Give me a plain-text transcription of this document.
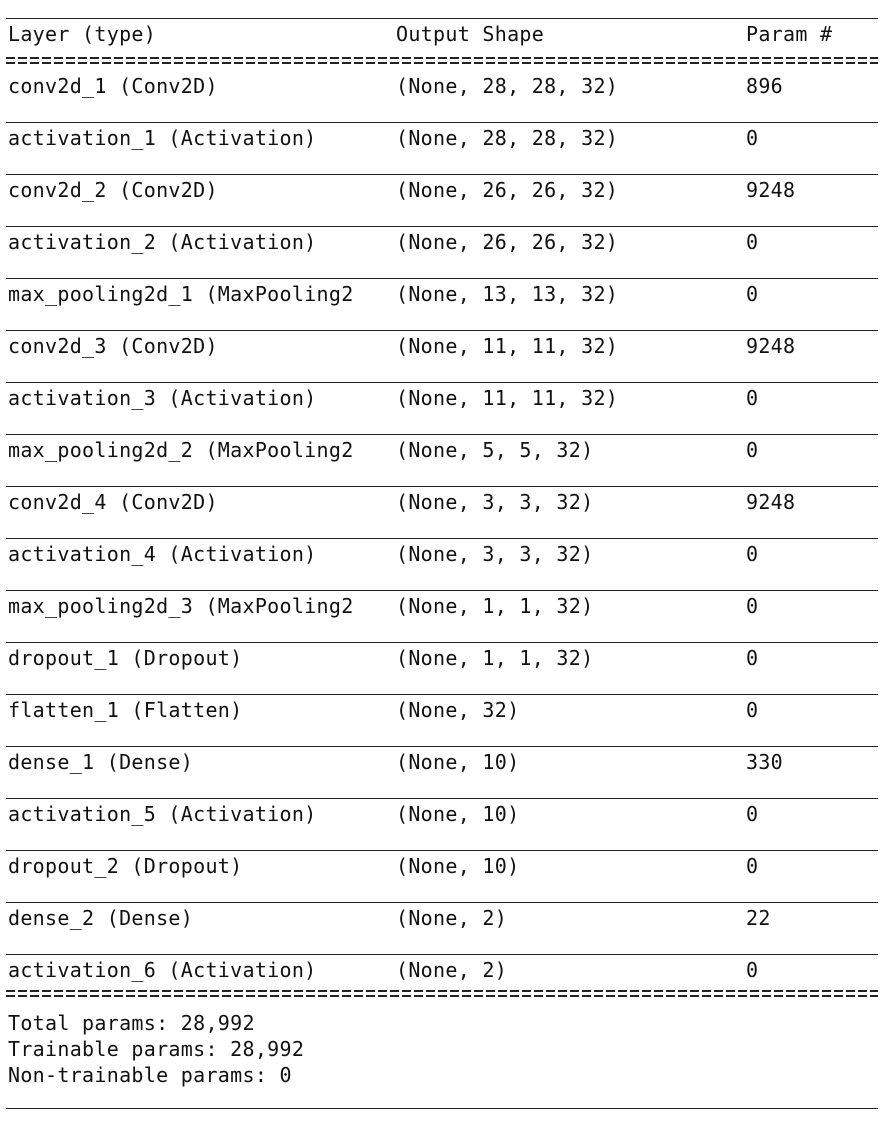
Layer (type)	Output Shape	Param #
conv2d_1 (Conv2D)	(None, 28, 28, 32)	896
activation_1 (Activation)	(None, 28, 28, 32)	0
conv2d_2 (Conv2D)	(None, 26, 26, 32)	9248
activation_2 (Activation)	(None, 26, 26, 32)	0
max_pooling2d_1 (MaxPooling2 (None, 13, 13, 32)	0
conv2d_3 (Conv2D)	(None, 11, 11, 32)	9248
activation_3 (Activation)	(None, 11, 11, 32)	0
max_pooling2d_2 (MaxPooling2 (None, 5, 5, 32)	0
conv2d_4 (Conv2D)	(None, 3, 3, 32)	9248
activation_4 (Activation)	(None, 3, 3, 32)	0
max_pooling2d_3 (MaxPooling2 (None, 1, 1, 32)	0
dropout_1 (Dropout)	(None, 1, 1, 32)	0
flatten_1 (Flatten)	(None, 32)	0
dense_1 (Dense)	(None, 10)	330
activation_5 (Activation)	(None, 10)	0
dropout_2 (Dropout)	(None, 10)	0
dense_2 (Dense)	(None, 2)	22
activation_6 (Activation)	(None, 2)	0
Total params: 28,992
Trainable params: 28,992
Non-trainable params: 0
